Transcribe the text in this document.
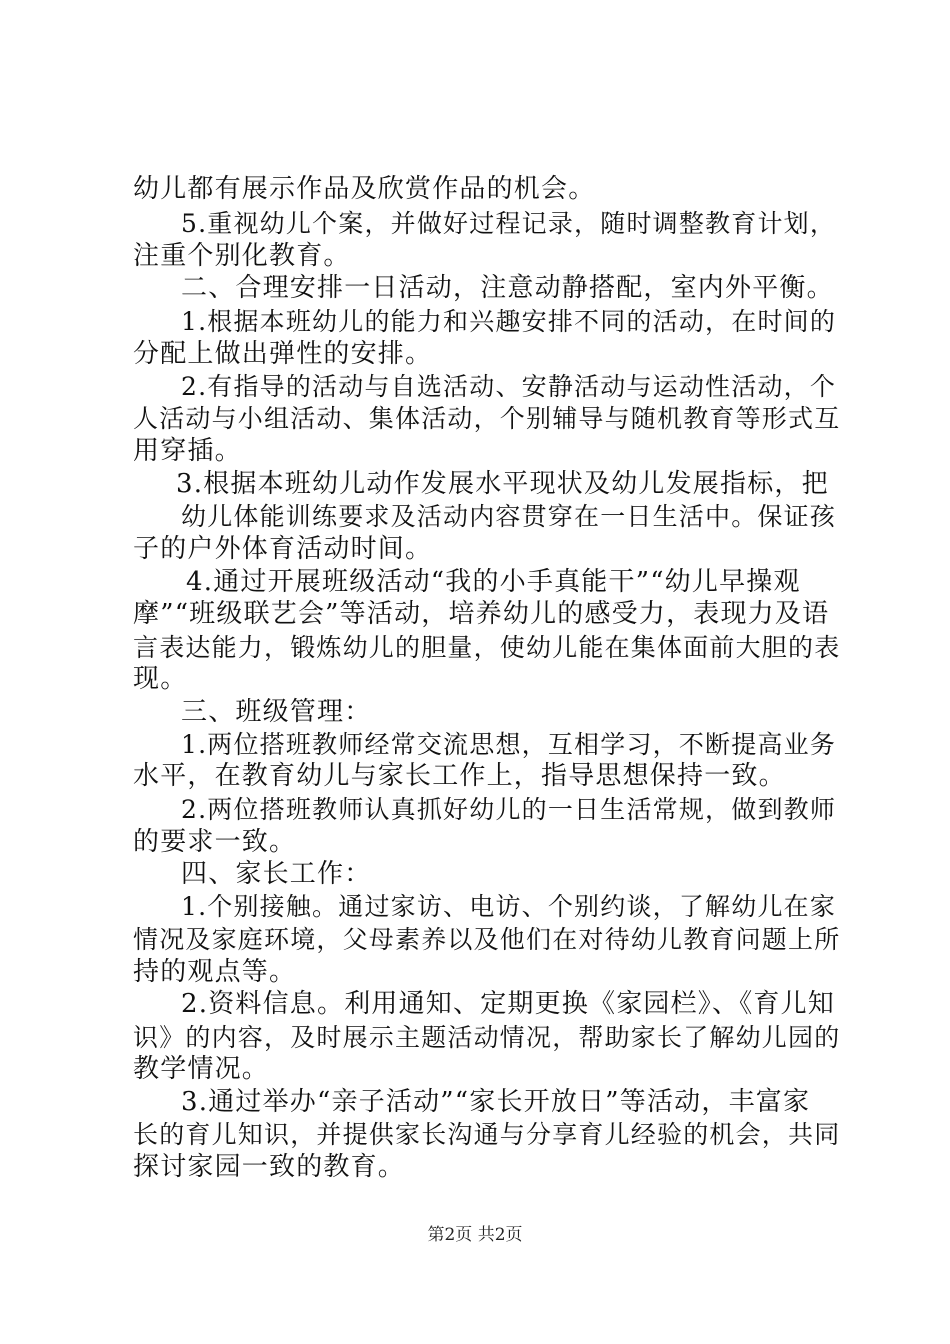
幼儿都有展示作品及欣赏作品的机会。
5.重视幼儿个案，并做好过程记录，随时调整教育计划，
注重个别化教育。
二、合理安排一日活动，注意动静搭配，室内外平衡。
1.根据本班幼儿的能力和兴趣安排不同的活动，在时间的
分配上做出弹性的安排。
2.有指导的活动与自选活动、安静活动与运动性活动，个
人活动与小组活动、集体活动，个别辅导与随机教育等形式互
用穿插。
3.根据本班幼儿动作发展水平现状及幼儿发展指标，把
幼儿体能训练要求及活动内容贯穿在一日生活中。保证孩
子的户外体育活动时间。
4.通过开展班级活动“我的小手真能干”“幼儿早操观
摩”“班级联艺会”等活动，培养幼儿的感受力，表现力及语
言表达能力，锻炼幼儿的胆量，使幼儿能在集体面前大胆的表
现。
三、班级管理：
1.两位搭班教师经常交流思想，互相学习，不断提高业务
水平，在教育幼儿与家长工作上，指导思想保持一致。
2.两位搭班教师认真抓好幼儿的一日生活常规，做到教师
的要求一致。
四、家长工作：
1.个别接触。通过家访、电访、个别约谈，了解幼儿在家
情况及家庭环境，父母素养以及他们在对待幼儿教育问题上所
持的观点等。
2.资料信息。利用通知、定期更换《家园栏》、《育儿知
识》的内容，及时展示主题活动情况，帮助家长了解幼儿园的
教学情况。
3.通过举办“亲子活动”“家长开放日”等活动，丰富家
长的育儿知识，并提供家长沟通与分享育儿经验的机会，共同
探讨家园一致的教育。
第2页 共2页
